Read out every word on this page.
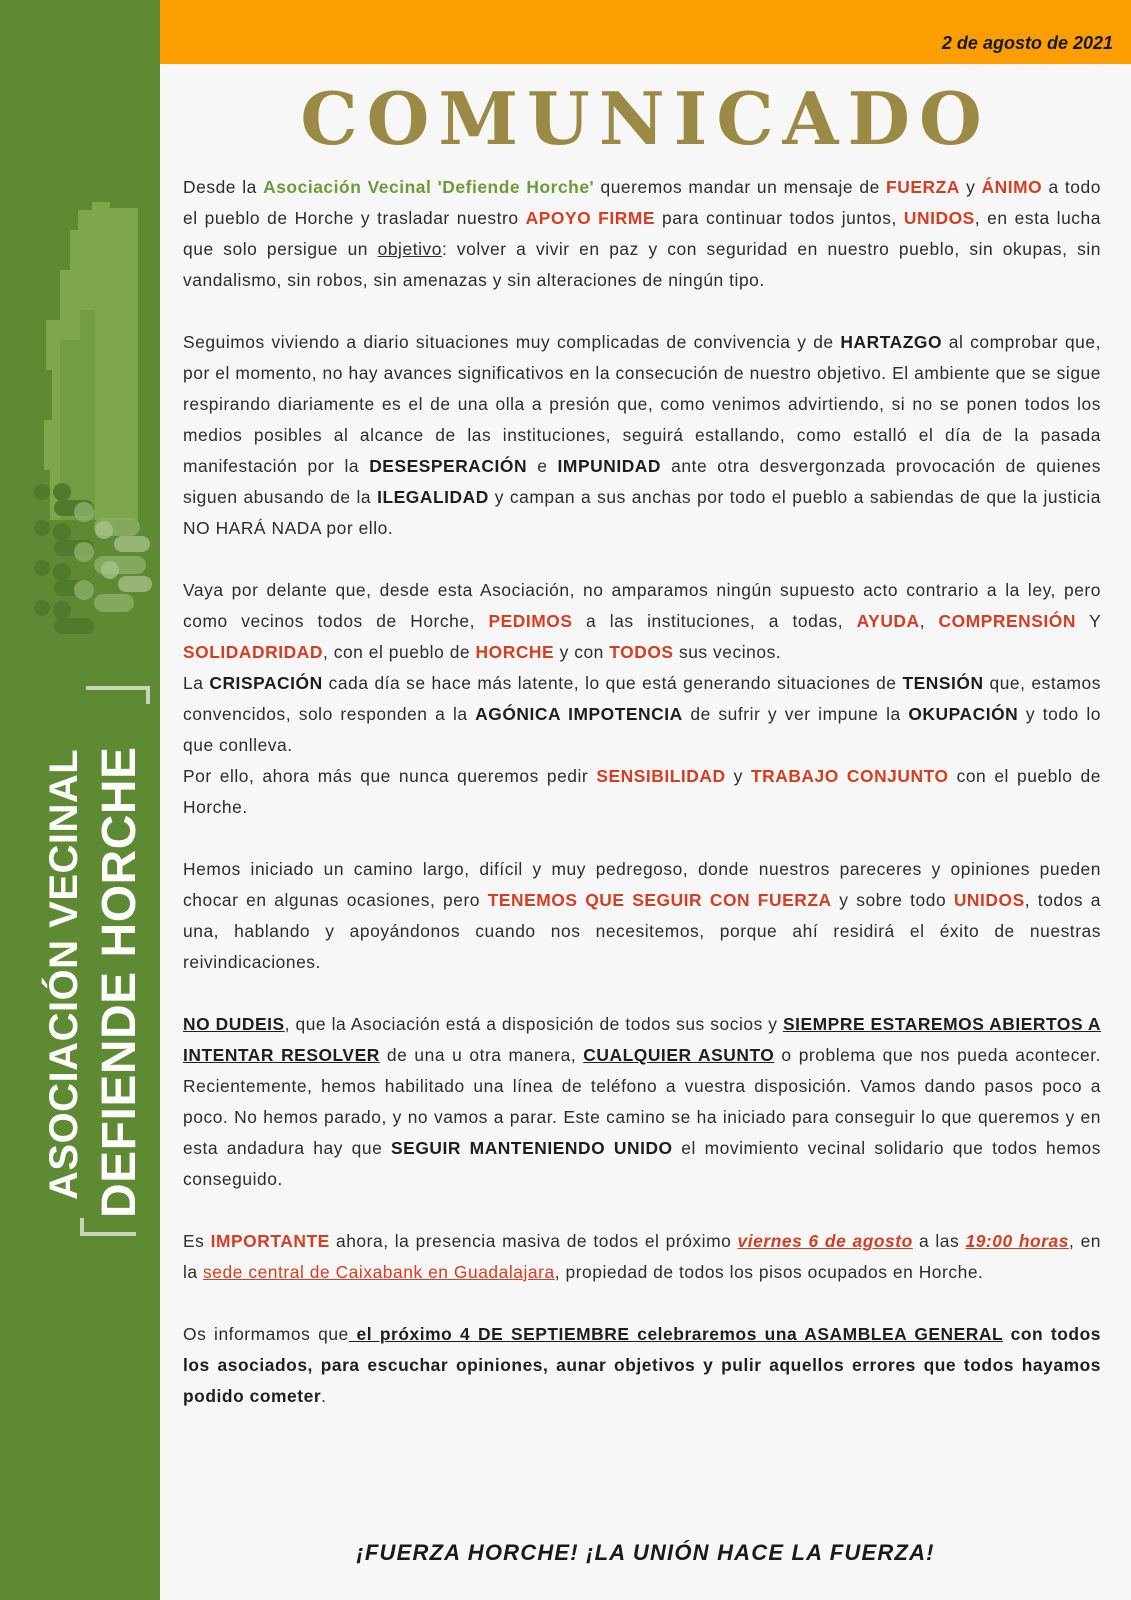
ASOCIACIÓN VECINAL DEFIENDE HORCHE
2 de agosto de 2021
COMUNICADO

Desde la Asociación Vecinal 'Defiende Horche' queremos mandar un mensaje de FUERZA y ÁNIMO a todo el pueblo de Horche y trasladar nuestro APOYO FIRME para continuar todos juntos, UNIDOS, en esta lucha que solo persigue un objetivo: volver a vivir en paz y con seguridad en nuestro pueblo, sin okupas, sin vandalismo, sin robos, sin amenazas y sin alteraciones de ningún tipo.

Seguimos viviendo a diario situaciones muy complicadas de convivencia y de HARTAZGO al comprobar que, por el momento, no hay avances significativos en la consecución de nuestro objetivo. El ambiente que se sigue respirando diariamente es el de una olla a presión que, como venimos advirtiendo, si no se ponen todos los medios posibles al alcance de las instituciones, seguirá estallando, como estalló el día de la pasada manifestación por la DESESPERACIÓN e IMPUNIDAD ante otra desvergonzada provocación de quienes siguen abusando de la ILEGALIDAD y campan a sus anchas por todo el pueblo a sabiendas de que la justicia NO HARÁ NADA por ello.

Vaya por delante que, desde esta Asociación, no amparamos ningún supuesto acto contrario a la ley, pero como vecinos todos de Horche, PEDIMOS a las instituciones, a todas, AYUDA, COMPRENSIÓN Y SOLIDADRIDAD, con el pueblo de HORCHE y con TODOS sus vecinos.

La CRISPACIÓN cada día se hace más latente, lo que está generando situaciones de TENSIÓN que, estamos convencidos, solo responden a la AGÓNICA IMPOTENCIA de sufrir y ver impune la OKUPACIÓN y todo lo que conlleva.

Por ello, ahora más que nunca queremos pedir SENSIBILIDAD y TRABAJO CONJUNTO con el pueblo de Horche.

Hemos iniciado un camino largo, difícil y muy pedregoso, donde nuestros pareceres y opiniones pueden chocar en algunas ocasiones, pero TENEMOS QUE SEGUIR CON FUERZA y sobre todo UNIDOS, todos a una, hablando y apoyándonos cuando nos necesitemos, porque ahí residirá el éxito de nuestras reivindicaciones.

NO DUDEIS, que la Asociación está a disposición de todos sus socios y SIEMPRE ESTAREMOS ABIERTOS A INTENTAR RESOLVER de una u otra manera, CUALQUIER ASUNTO o problema que nos pueda acontecer. Recientemente, hemos habilitado una línea de teléfono a vuestra disposición. Vamos dando pasos poco a poco. No hemos parado, y no vamos a parar. Este camino se ha iniciado para conseguir lo que queremos y en esta andadura hay que SEGUIR MANTENIENDO UNIDO el movimiento vecinal solidario que todos hemos conseguido.

Es IMPORTANTE ahora, la presencia masiva de todos el próximo viernes 6 de agosto a las 19:00 horas, en la sede central de Caixabank en Guadalajara, propiedad de todos los pisos ocupados en Horche.

Os informamos que el próximo 4 DE SEPTIEMBRE celebraremos una ASAMBLEA GENERAL con todos los asociados, para escuchar opiniones, aunar objetivos y pulir aquellos errores que todos hayamos podido cometer.

¡FUERZA HORCHE! ¡LA UNIÓN HACE LA FUERZA!
